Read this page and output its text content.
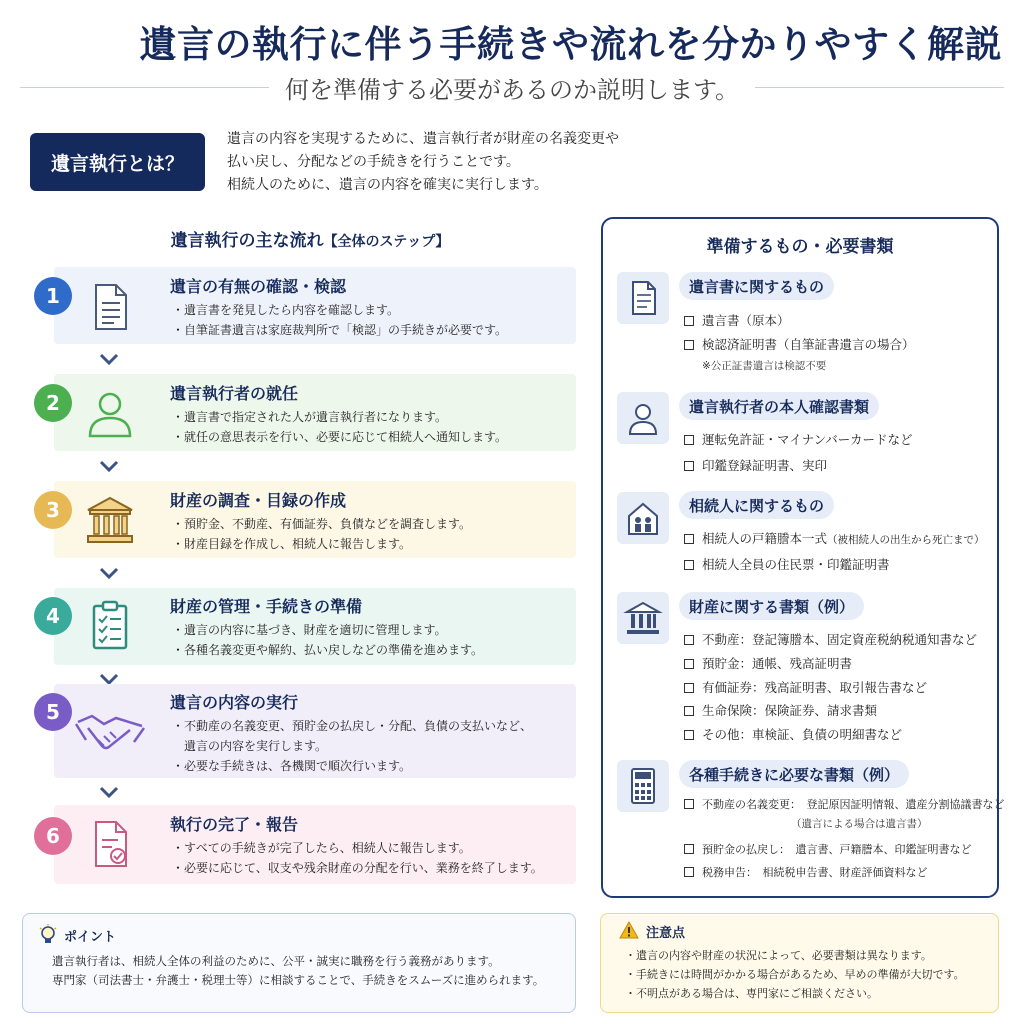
遺言の執行に伴う手続きや流れを分かりやすく解説
何を準備する必要があるのか説明します。
遺言執行とは？
遺言の内容を実現するために、遺言執行者が財産の名義変更や
払い戻し、分配などの手続きを行うことです。
相続人のために、遺言の内容を確実に実行します。
遺言執行の主な流れ【全体のステップ】
1	遺言の有無の確認・検認
・遺言書を発見したら内容を確認します。
・自筆証書遺言は家庭裁判所で「検認」の手続きが必要です。
2	遺言執行者の就任
・遺言書で指定された人が遺言執行者になります。
・就任の意思表示を行い、必要に応じて相続人へ通知します。
3	財産の調査・目録の作成
・預貯金、不動産、有価証券、負債などを調査します。
・財産目録を作成し、相続人に報告します。
4	財産の管理・手続きの準備
・遺言の内容に基づき、財産を適切に管理します。
・各種名義変更や解約、払い戻しなどの準備を進めます。
5	遺言の内容の実行
・不動産の名義変更、預貯金の払戻し・分配、負債の支払いなど、
　遺言の内容を実行します。
・必要な手続きは、各機関で順次行います。
6	執行の完了・報告
・すべての手続きが完了したら、相続人に報告します。
・必要に応じて、収支や残余財産の分配を行い、業務を終了します。
準備するもの・必要書類
遺言書に関するもの
遺言書（原本）
検認済証明書（自筆証書遺言の場合）
※公正証書遺言は検認不要
遺言執行者の本人確認書類
運転免許証・マイナンバーカードなど
印鑑登録証明書、実印
相続人に関するもの
相続人の戸籍謄本一式（被相続人の出生から死亡まで）
相続人全員の住民票・印鑑証明書
財産に関する書類（例）
不動産：登記簿謄本、固定資産税納税通知書など
預貯金：通帳、残高証明書
有価証券：残高証明書、取引報告書など
生命保険：保険証券、請求書類
その他：車検証、負債の明細書など
各種手続きに必要な書類（例）
不動産の名義変更：　登記原因証明情報、遺産分割協議書など
（遺言による場合は遺言書）
預貯金の払戻し：　遺言書、戸籍謄本、印鑑証明書など
税務申告：　相続税申告書、財産評価資料など
ポイント
遺言執行者は、相続人全体の利益のために、公平・誠実に職務を行う義務があります。
専門家（司法書士・弁護士・税理士等）に相談することで、手続きをスムーズに進められます。
注意点
・遺言の内容や財産の状況によって、必要書類は異なります。
・手続きには時間がかかる場合があるため、早めの準備が大切です。
・不明点がある場合は、専門家にご相談ください。
